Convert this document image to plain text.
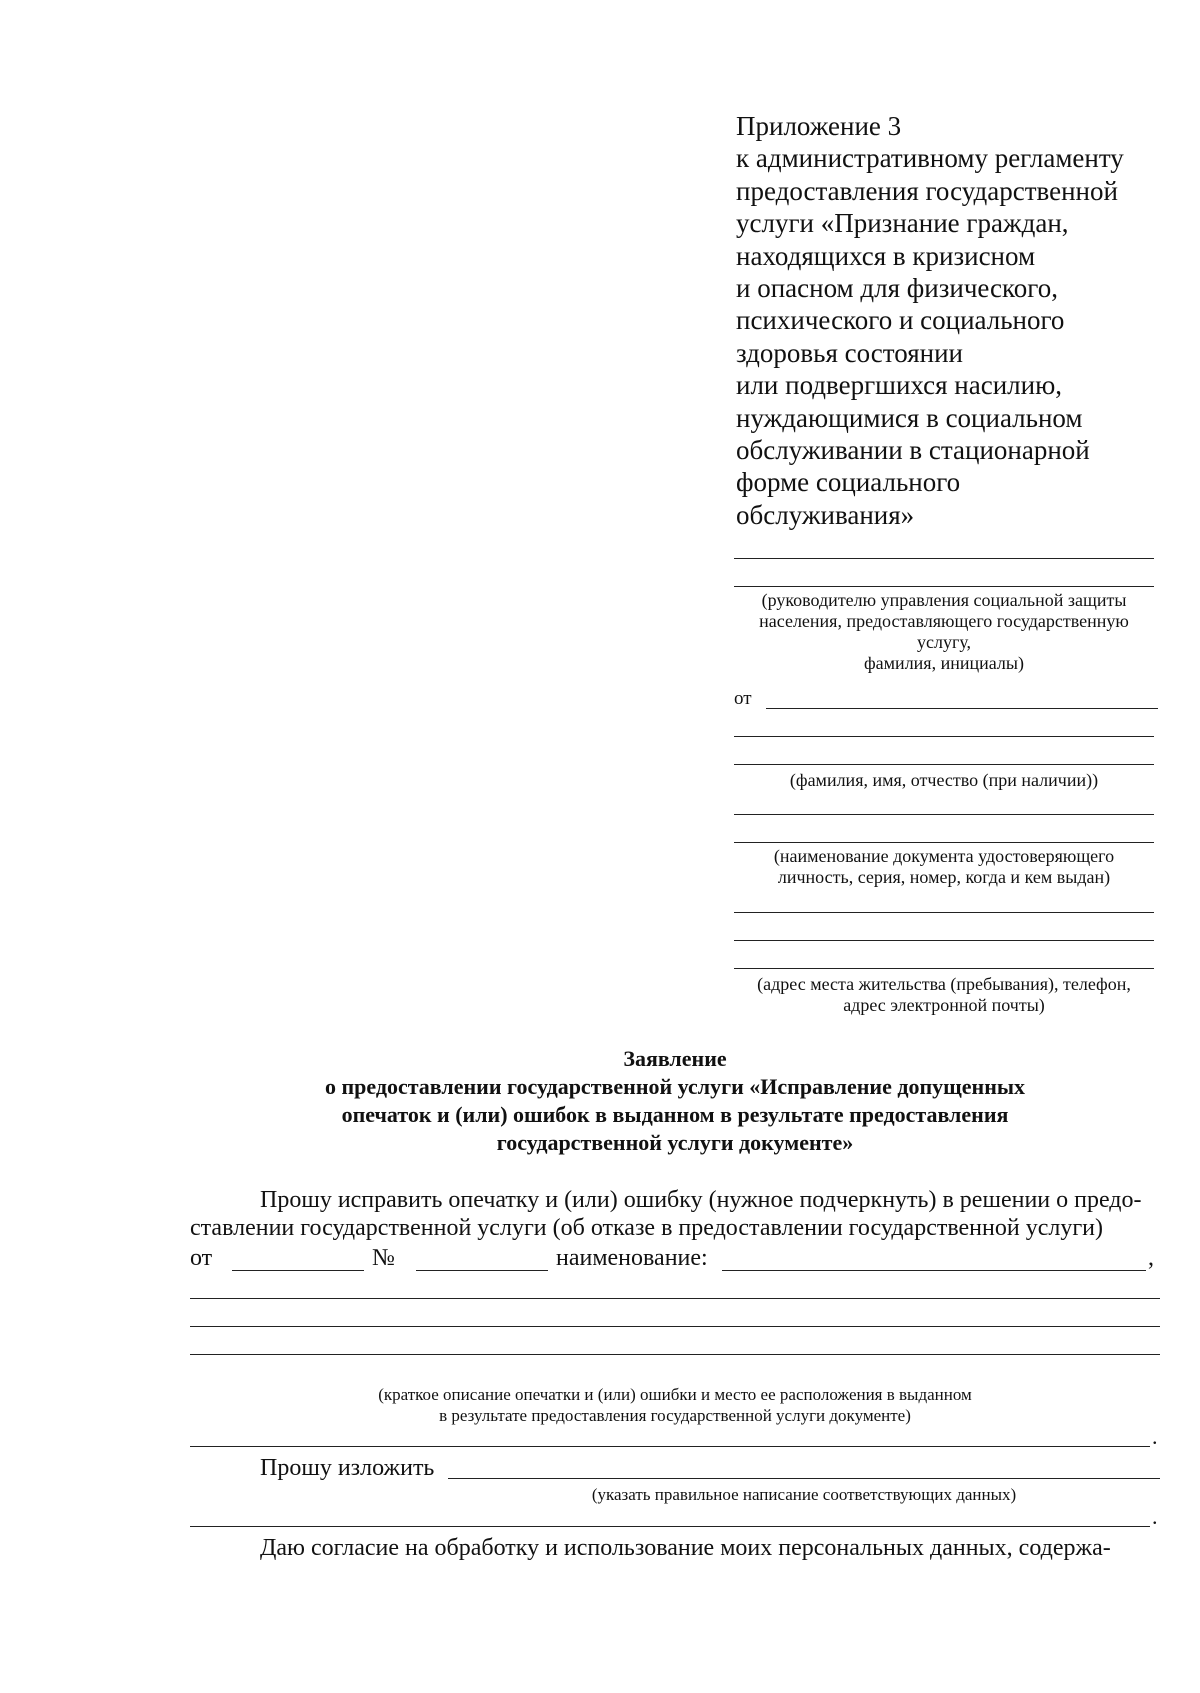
Приложение 3
к административному регламенту
предоставления государственной
услуги «Признание граждан,
находящихся в кризисном
и опасном для физического,
психического и социального
здоровья состоянии
или подвергшихся насилию,
нуждающимися в социальном
обслуживании в стационарной
форме социального
обслуживания»
(руководителю управления социальной защиты
населения, предоставляющего государственную
услугу,
фамилия, инициалы)
от
(фамилия, имя, отчество (при наличии))
(наименование документа удостоверяющего
личность, серия, номер, когда и кем выдан)
(адрес места жительства (пребывания), телефон,
адрес электронной почты)
Заявление
о предоставлении государственной услуги «Исправление допущенных
опечаток и (или) ошибок в выданном в результате предоставления
государственной услуги документе»
Прошу исправить опечатку и (или) ошибку (нужное подчеркнуть) в решении о предо-
ставлении государственной услуги (об отказе в предоставлении государственной услуги)
от	№	наименование:	,
(краткое описание опечатки и (или) ошибки и место ее расположения в выданном
в результате предоставления государственной услуги документе)
.
Прошу изложить
(указать правильное написание соответствующих данных)
.
Даю согласие на обработку и использование моих персональных данных, содержа-
